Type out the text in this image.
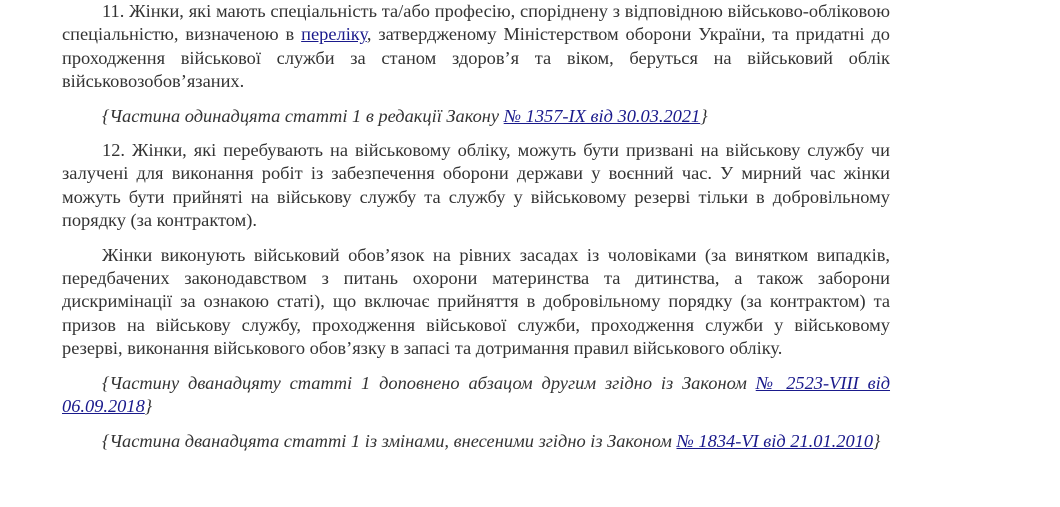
11. Жінки, які мають спеціальність та/або професію, споріднену з відповідною військово-обліковою спеціальністю, визначеною в переліку, затвердженому Міністерством оборони України, та придатні до проходження військової служби за станом здоров’я та віком, беруться на військовий облік військовозобов’язаних.

{Частина одинадцята статті 1 в редакції Закону № 1357-IX від 30.03.2021}

12. Жінки, які перебувають на військовому обліку, можуть бути призвані на військову службу чи залучені для виконання робіт із забезпечення оборони держави у воєнний час. У мирний час жінки можуть бути прийняті на військову службу та службу у військовому резерві тільки в добровільному порядку (за контрактом).

Жінки виконують військовий обов’язок на рівних засадах із чоловіками (за винятком випадків, передбачених законодавством з питань охорони материнства та дитинства, а також заборони дискримінації за ознакою статі), що включає прийняття в добровільному порядку (за контрактом) та призов на військову службу, проходження військової служби, проходження служби у військовому резерві, виконання військового обов’язку в запасі та дотримання правил військового обліку.

{Частину дванадцяту статті 1 доповнено абзацом другим згідно із Законом № 2523-VIII від 06.09.2018}

{Частина дванадцята статті 1 із змінами, внесеними згідно із Законом № 1834-VI від 21.01.2010}
